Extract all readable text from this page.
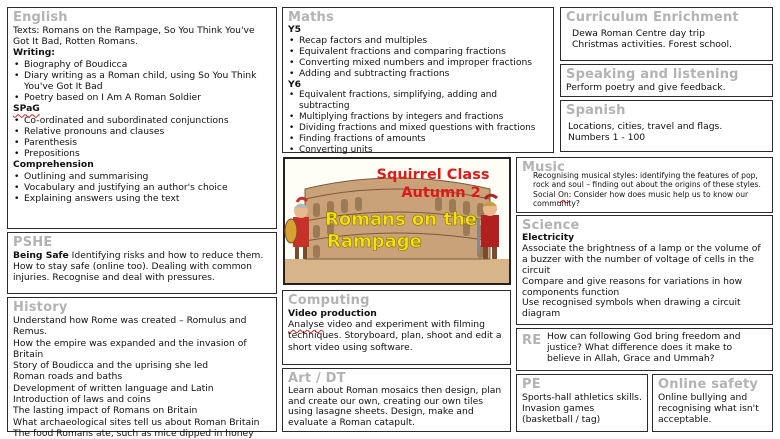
English

Texts: Romans on the Rampage, So You Think You've Got It Bad, Rotten Romans.

Writing:

• Biography of Boudicca
• Diary writing as a Roman child, using So You Think You've Got It Bad
• Poetry based on I Am A Roman Soldier

SPaG

• Co-ordinated and subordinated conjunctions
• Relative pronouns and clauses
• Parenthesis
• Prepositions

Comprehension

• Outlining and summarising
• Vocabulary and justifying an author's choice
• Explaining answers using the text
Maths

Y5

• Recap factors and multiples
• Equivalent fractions and comparing fractions
• Converting mixed numbers and improper fractions
• Adding and subtracting fractions

Y6

• Equivalent fractions, simplifying, adding and subtracting
• Multiplying fractions by integers and fractions
• Dividing fractions and mixed questions with fractions
• Finding fractions of amounts
• Converting units
Curriculum Enrichment

Dewa Roman Centre day trip

Christmas activities. Forest school.

Speaking and listening

Perform poetry and give feedback.

Spanish

Locations, cities, travel and flags.

Numbers 1 - 100

Squirrel Class
Autumn 2
Romans on the
Rampage
Music
Recognising musical styles: identifying the features of pop, rock and soul – finding out about the origins of these styles. Social On: Consider how does music help us to know our community?
PSHE
Being Safe Identifying risks and how to reduce them. How to stay safe (online too). Dealing with common injuries. Recognise and deal with pressures.
Science

Electricity

Associate the brightness of a lamp or the volume of a buzzer with the number of voltage of cells in the circuit

Compare and give reasons for variations in how components function

Use recognised symbols when drawing a circuit diagram

History

Understand how Rome was created – Romulus and Remus.

How the empire was expanded and the invasion of Britain

Story of Boudicca and the uprising she led

Roman roads and baths

Development of written language and Latin

Introduction of laws and coins

The lasting impact of Romans on Britain

What archaeological sites tell us about Roman Britain

The food Romans ate, such as mice dipped in honey

Computing

Video production

Analyse video and experiment with filming techniques. Storyboard, plan, shoot and edit a short video using software.	RE How can following God bring freedom and justice? What difference does it make to believe in Allah, Grace and Ummah?
Art / DT

Learn about Roman mosaics then design, plan and create our own, creating our own tiles using lasagne sheets. Design, make and evaluate a Roman catapult.

PE

Sports-hall athletics skills. Invasion games (basketball / tag)

Online safety

Online bullying and recognising what isn't acceptable.
